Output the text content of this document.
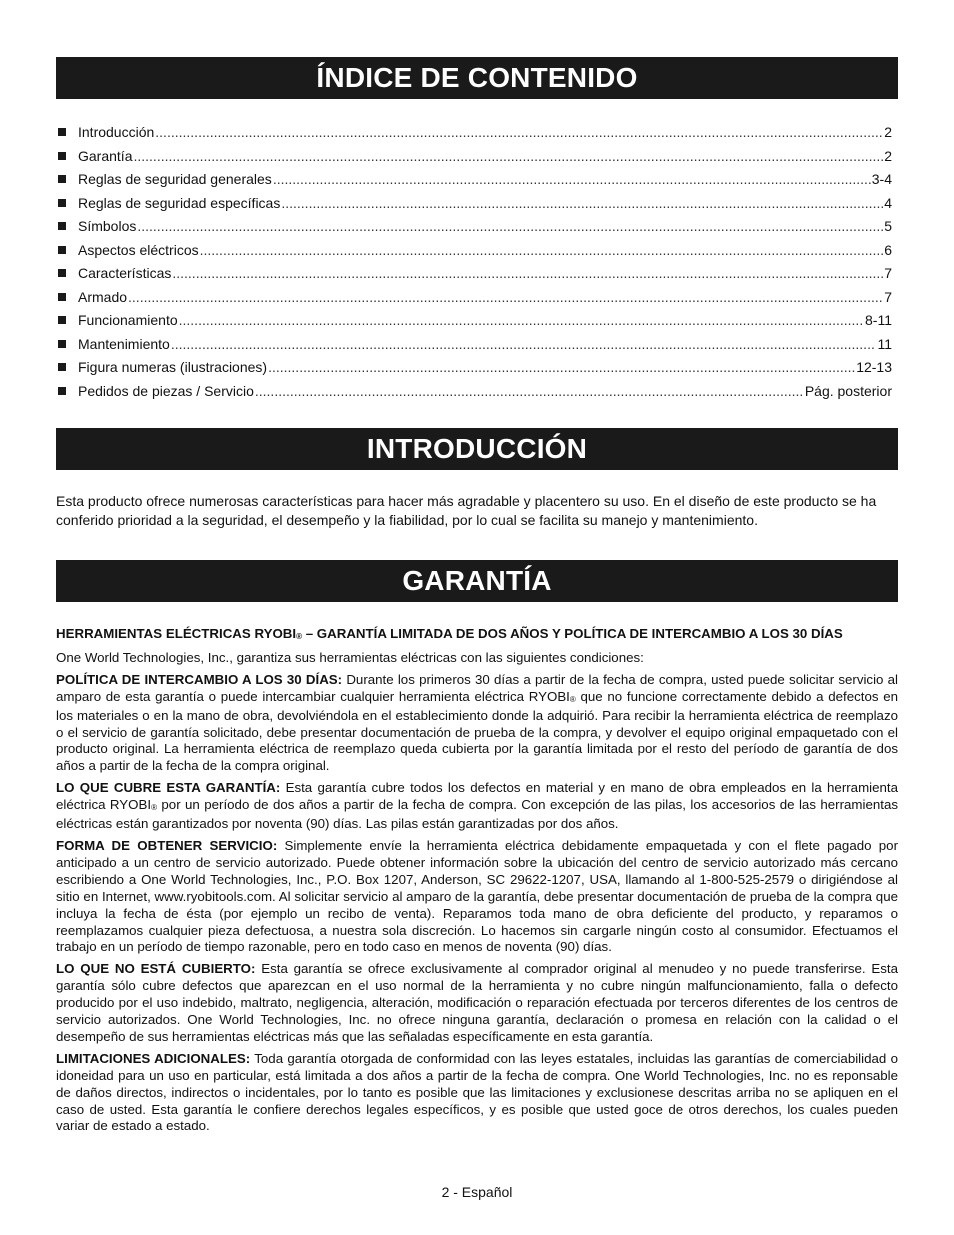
ÍNDICE DE CONTENIDO
Introducción .....	2
Garantía .....	2
Reglas de seguridad generales .....	3-4
Reglas de seguridad específicas .....	4
Símbolos .....	5
Aspectos eléctricos .....	6
Características .....	7
Armado .....	7
Funcionamiento .....	8-11
Mantenimiento .....	11
Figura numeras (ilustraciones) .....	12-13
Pedidos de piezas / Servicio .....	Pág. posterior
INTRODUCCIÓN

Esta producto ofrece numerosas características para hacer más agradable y placentero su uso. En el diseño de este producto se ha conferido prioridad a la seguridad, el desempeño y la fiabilidad, por lo cual se facilita su manejo y mantenimiento.

GARANTÍA

HERRAMIENTAS ELÉCTRICAS RYOBI® – GARANTÍA LIMITADA DE DOS AÑOS Y POLÍTICA DE INTERCAMBIO A LOS 30 DÍAS

One World Technologies, Inc., garantiza sus herramientas eléctricas con las siguientes condiciones:

POLÍTICA DE INTERCAMBIO A LOS 30 DÍAS: Durante los primeros 30 días a partir de la fecha de compra, usted puede solicitar servicio al amparo de esta garantía o puede intercambiar cualquier herramienta eléctrica RYOBI® que no funcione correctamente debido a defectos en los materiales o en la mano de obra, devolviéndola en el establecimiento donde la adquirió. Para recibir la herramienta eléctrica de reemplazo o el servicio de garantía solicitado, debe presentar documentación de prueba de la compra, y devolver el equipo original empaquetado con el producto original. La herramienta eléctrica de reemplazo queda cubierta por la garantía limitada por el resto del período de garantía de dos años a partir de la fecha de la compra original.

LO QUE CUBRE ESTA GARANTÍA: Esta garantía cubre todos los defectos en material y en mano de obra empleados en la herramienta eléctrica RYOBI® por un período de dos años a partir de la fecha de compra. Con excepción de las pilas, los accesorios de las herramientas eléctricas están garantizados por noventa (90) días. Las pilas están garantizadas por dos años.

FORMA DE OBTENER SERVICIO: Simplemente envíe la herramienta eléctrica debidamente empaquetada y con el flete pagado por anticipado a un centro de servicio autorizado. Puede obtener información sobre la ubicación del centro de servicio autorizado más cercano escribiendo a One World Technologies, Inc., P.O. Box 1207, Anderson, SC 29622-1207, USA, llamando al 1-800-525-2579 o dirigiéndose al sitio en Internet, www.ryobitools.com. Al solicitar servicio al amparo de la garantía, debe presentar documentación de prueba de la compra que incluya la fecha de ésta (por ejemplo un recibo de venta). Reparamos toda mano de obra deficiente del producto, y reparamos o reemplazamos cualquier pieza defectuosa, a nuestra sola discreción. Lo hacemos sin cargarle ningún costo al consumidor. Efectuamos el trabajo en un período de tiempo razonable, pero en todo caso en menos de noventa (90) días.

LO QUE NO ESTÁ CUBIERTO: Esta garantía se ofrece exclusivamente al comprador original al menudeo y no puede transferirse. Esta garantía sólo cubre defectos que aparezcan en el uso normal de la herramienta y no cubre ningún malfuncionamiento, falla o defecto producido por el uso indebido, maltrato, negligencia, alteración, modificación o reparación efectuada por terceros diferentes de los centros de servicio autorizados. One World Technologies, Inc. no ofrece ninguna garantía, declaración o promesa en relación con la calidad o el desempeño de sus herramientas eléctricas más que las señaladas específicamente en esta garantía.

LIMITACIONES ADICIONALES: Toda garantía otorgada de conformidad con las leyes estatales, incluidas las garantías de comerciabilidad o idoneidad para un uso en particular, está limitada a dos años a partir de la fecha de compra. One World Technologies, Inc. no es reponsable de daños directos, indirectos o incidentales, por lo tanto es posible que las limitaciones y exclusionese descritas arriba no se apliquen en el caso de usted. Esta garantía le confiere derechos legales específicos, y es posible que usted goce de otros derechos, los cuales pueden variar de estado a estado.

2 - Español
